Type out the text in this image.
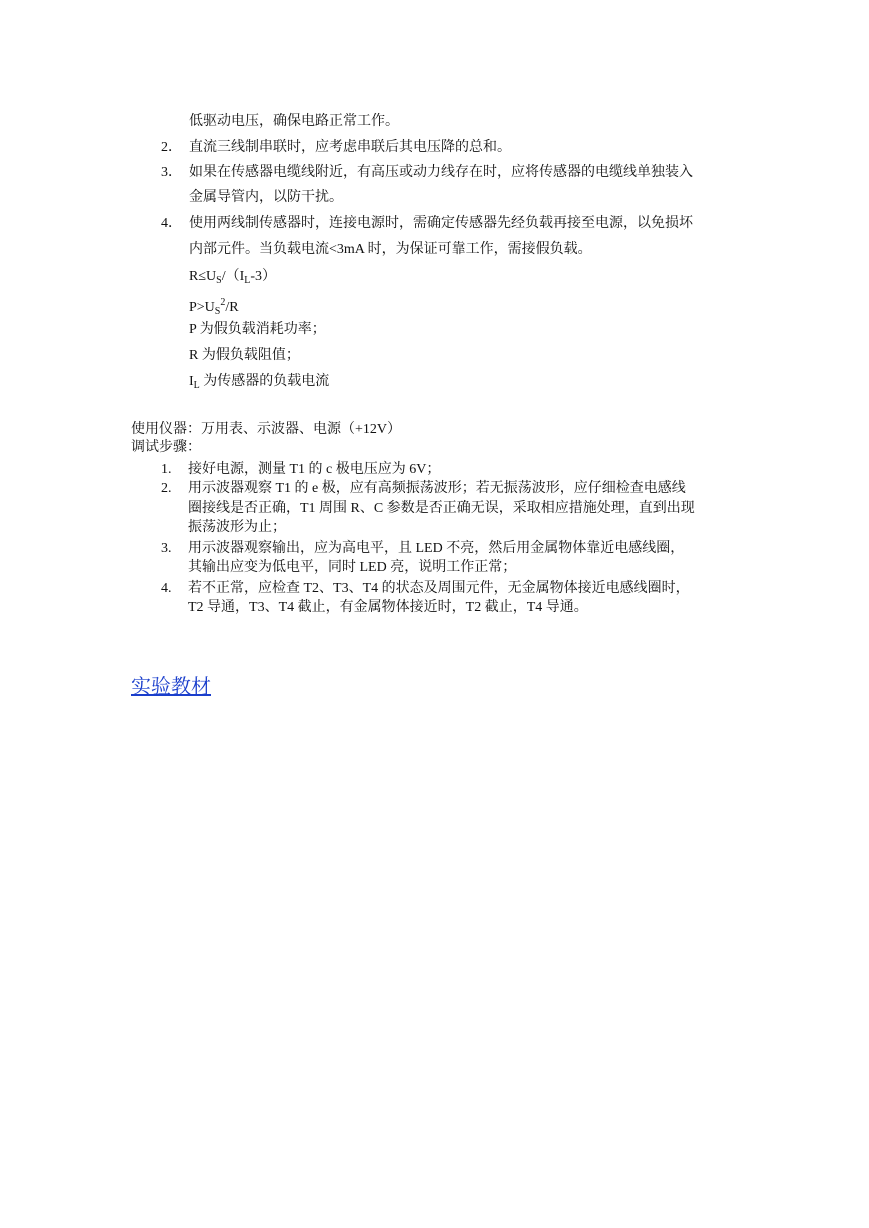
低驱动电压，确保电路正常工作。
2． 直流三线制串联时，应考虑串联后其电压降的总和。
3． 如果在传感器电缆线附近，有高压或动力线存在时，应将传感器的电缆线单独装入
金属导管内，以防干扰。
4． 使用两线制传感器时，连接电源时，需确定传感器先经负载再接至电源，以免损坏
内部元件。当负载电流<3mA 时，为保证可靠工作，需接假负载。
$R\le U_S/(I_L-3)$
$P>U_S^2/R$
P 为假负载消耗功率；
R 为假负载阻值；
$I_L$ 为传感器的负载电流
使用仪器：万用表、示波器、电源（+12V）
调试步骤：
1. 接好电源，测量 T1 的 c 极电压应为 6V；
2. 用示波器观察 T1 的 e 极，应有高频振荡波形；若无振荡波形，应仔细检查电感线
圈接线是否正确，T1 周围 R、C 参数是否正确无误，采取相应措施处理，直到出现
振荡波形为止；
3. 用示波器观察输出，应为高电平，且 LED 不亮，然后用金属物体靠近电感线圈，
其输出应变为低电平，同时 LED 亮，说明工作正常；
4. 若不正常，应检查 T2、T3、T4 的状态及周围元件，无金属物体接近电感线圈时，
T2 导通，T3、T4 截止，有金属物体接近时，T2 截止，T4 导通。
实验教材
